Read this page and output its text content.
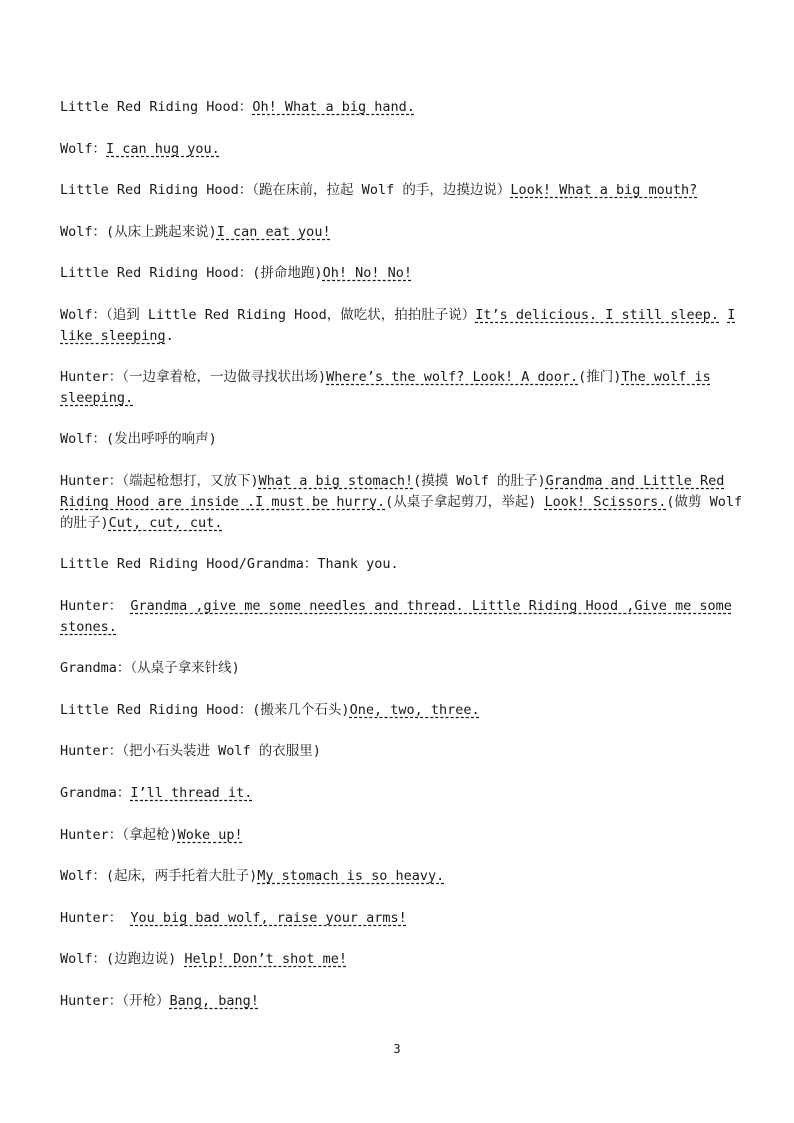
Little Red Riding Hood：Oh! What a big hand.
Wolf：I can hug you.
Little Red Riding Hood：（跪在床前，拉起 Wolf 的手，边摸边说）Look! What a big mouth?
Wolf：(从床上跳起来说)I can eat you!
Little Red Riding Hood：(拼命地跑)Oh! No! No!
Wolf：（追到 Little Red Riding Hood，做吃状，拍拍肚子说）It’s delicious. I still sleep. I like sleeping.
Hunter：（一边拿着枪，一边做寻找状出场)Where’s the wolf? Look! A door.(推门)The wolf is sleeping.
Wolf：(发出呼呼的响声)
Hunter：（端起枪想打，又放下)What a big stomach!(摸摸 Wolf 的肚子)Grandma and Little Red Riding Hood are inside .I must be hurry.(从桌子拿起剪刀，举起) Look! Scissors.(做剪 Wolf 的肚子)Cut, cut, cut.
Little Red Riding Hood/Grandma：Thank you.
Hunter： Grandma ,give me some needles and thread. Little Riding Hood ,Give me some stones.
Grandma：（从桌子拿来针线)
Little Red Riding Hood：(搬来几个石头)One, two, three.
Hunter：（把小石头装进 Wolf 的衣服里)
Grandma：I’ll thread it.
Hunter：（拿起枪)Woke up!
Wolf：(起床，两手托着大肚子)My stomach is so heavy.
Hunter： You big bad wolf, raise your arms!
Wolf：(边跑边说) Help! Don’t shot me!
Hunter：（开枪）Bang, bang!
3
